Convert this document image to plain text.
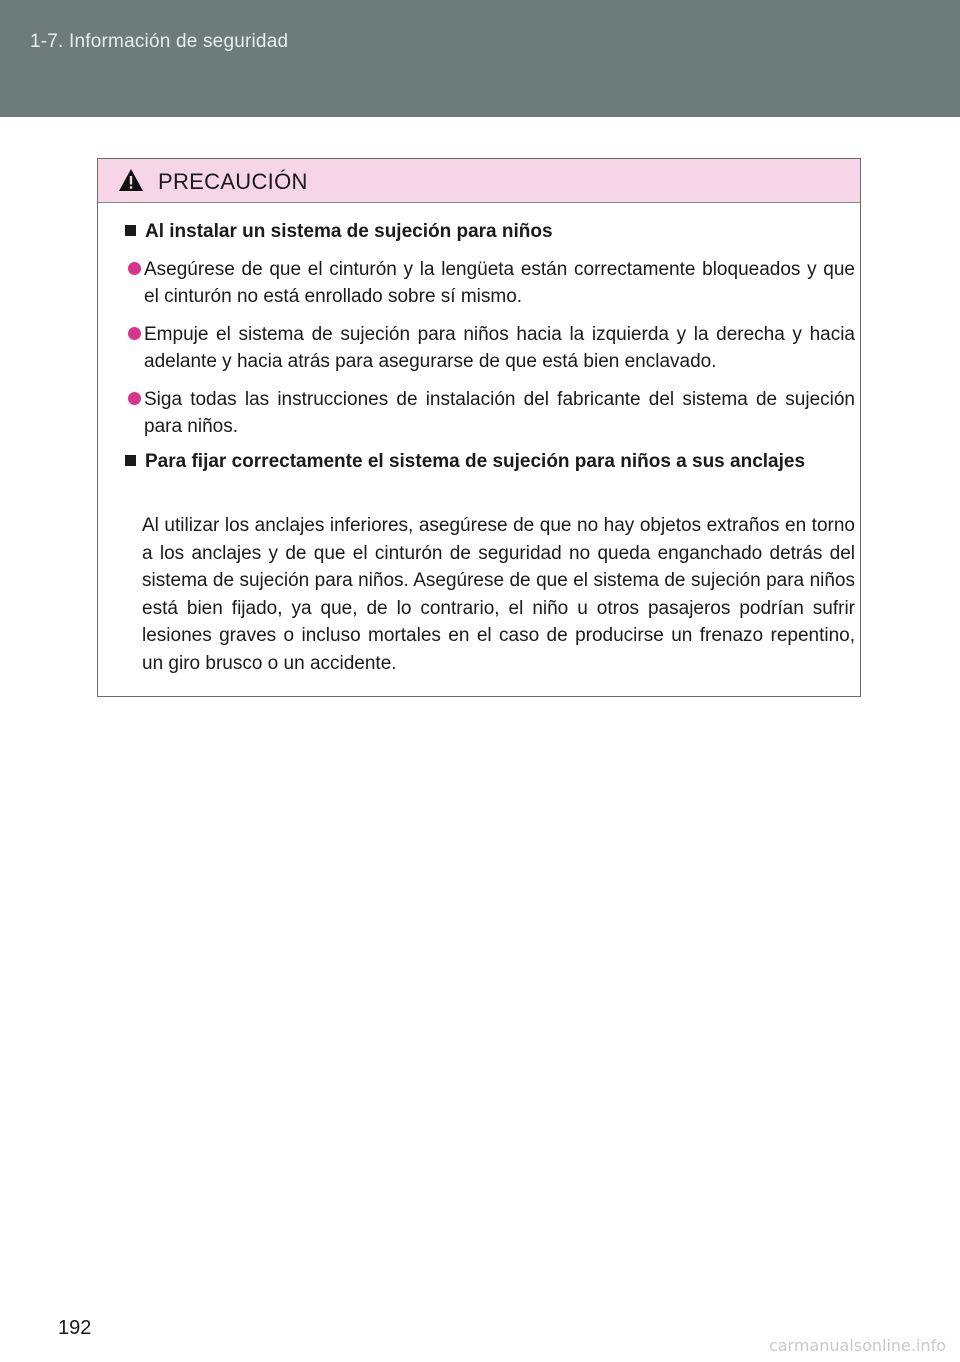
1-7. Información de seguridad
PRECAUCIÓN
Al instalar un sistema de sujeción para niños
Asegúrese de que el cinturón y la lengüeta están correctamente bloqueados y que el cinturón no está enrollado sobre sí mismo.
Empuje el sistema de sujeción para niños hacia la izquierda y la derecha y hacia adelante y hacia atrás para asegurarse de que está bien enclavado.
Siga todas las instrucciones de instalación del fabricante del sistema de sujeción para niños.
Para fijar correctamente el sistema de sujeción para niños a sus anclajes
Al utilizar los anclajes inferiores, asegúrese de que no hay objetos extraños en torno a los anclajes y de que el cinturón de seguridad no queda enganchado detrás del sistema de sujeción para niños. Asegúrese de que el sistema de sujeción para niños está bien fijado, ya que, de lo contrario, el niño u otros pasajeros podrían sufrir lesiones graves o incluso mortales en el caso de producirse un frenazo repentino, un giro brusco o un accidente.
192
carmanualsonline.info
